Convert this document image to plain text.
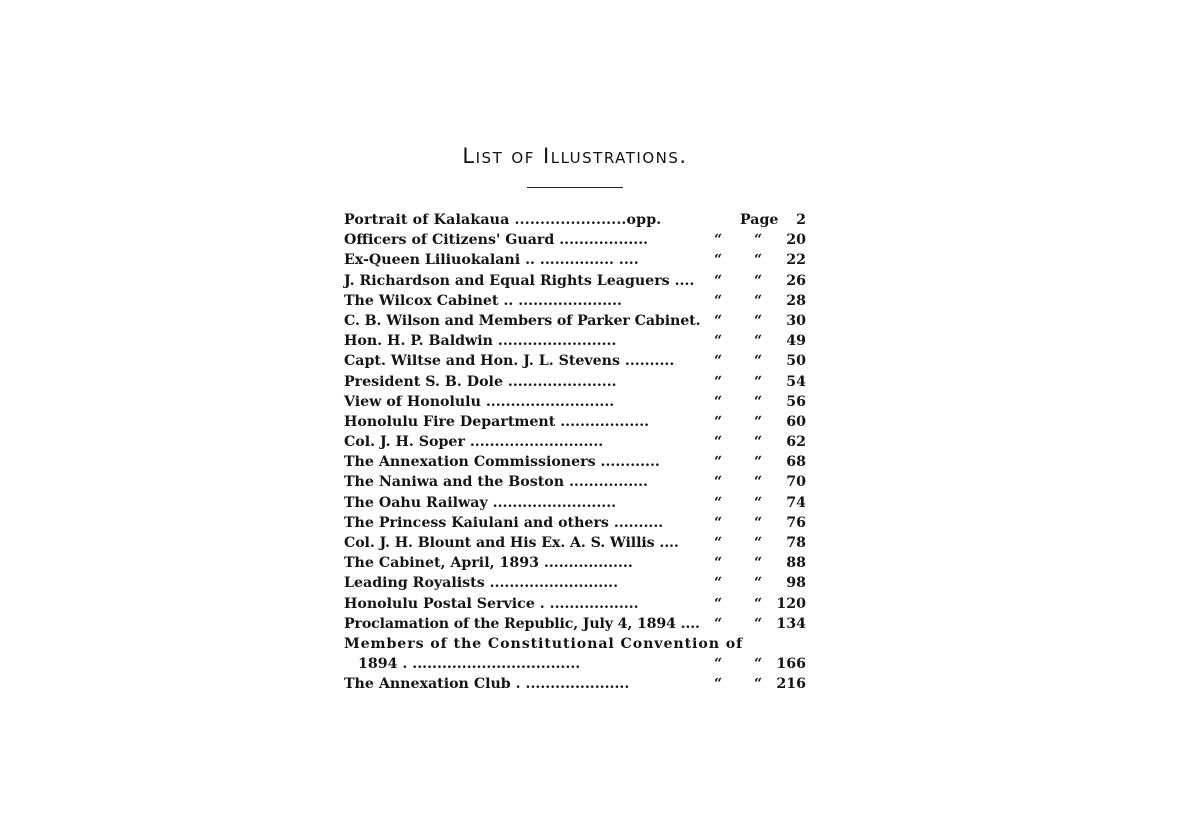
List of Illustrations.
Portrait of Kalakaua ......................opp.	Page 2
Officers of Citizens' Guard ..................	“ “ 20
Ex-Queen Liliuokalani .. ............... ....	“ “ 22
J. Richardson and Equal Rights Leaguers .... “ “ 26
The Wilcox Cabinet .. .....................	“ “ 28
C. B. Wilson and Members of Parker Cabinet. “ “ 30
Hon. H. P. Baldwin ........................	“ “ 49
Capt. Wiltse and Hon. J. L. Stevens ..........	“ “ 50
President S. B. Dole ......................	“ “ 54
View of Honolulu ..........................	“ “ 56
Honolulu Fire Department ..................	“ “ 60
Col. J. H. Soper ...........................	“ “ 62
The Annexation Commissioners ............	“ “ 68
The Naniwa and the Boston ................	“ “ 70
The Oahu Railway .........................	“ “ 74
The Princess Kaiulani and others ..........	“ “ 76
Col. J. H. Blount and His Ex. A. S. Willis .... “ “ 78
The Cabinet, April, 1893 ..................	“ “ 88
Leading Royalists ..........................	“ “ 98
Honolulu Postal Service . ..................	“ “ 120
Proclamation of the Republic, July 4, 1894 .... “ “ 134
Members of the Constitutional Convention of
1894 . ..................................	“ “ 166
The Annexation Club . .....................	“ “ 216
